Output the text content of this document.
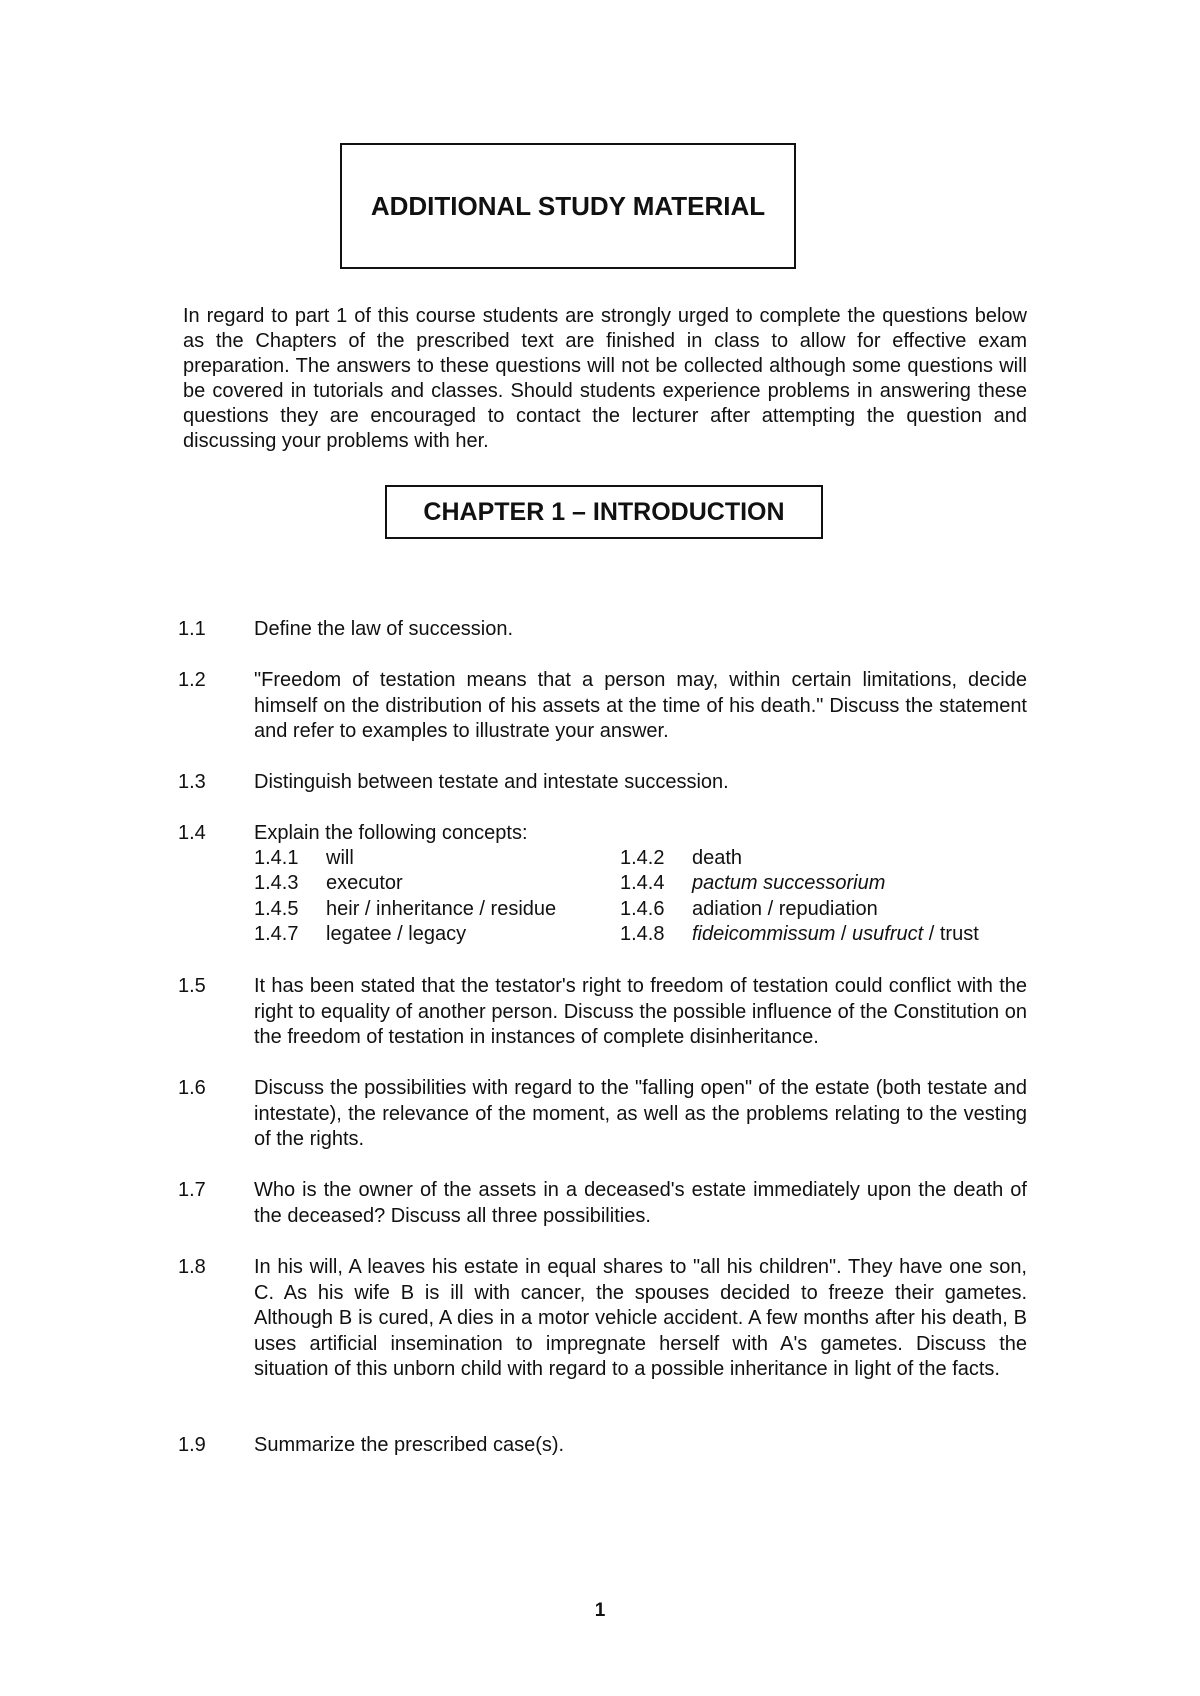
ADDITIONAL STUDY MATERIAL

In regard to part 1 of this course students are strongly urged to complete the questions below as the Chapters of the prescribed text are finished in class to allow for effective exam preparation. The answers to these questions will not be collected although some questions will be covered in tutorials and classes. Should students experience problems in answering these questions they are encouraged to contact the lecturer after attempting the question and discussing your problems with her.

CHAPTER 1 – INTRODUCTION
1.1 Define the law of succession.
1.2 "Freedom of testation means that a person may, within certain limitations, decide himself on the distribution of his assets at the time of his death." Discuss the statement and refer to examples to illustrate your answer.
1.3 Distinguish between testate and intestate succession.
1.4 Explain the following concepts:
1.4.1 will	1.4.2 death
1.4.3 executor	1.4.4 pactum successorium
1.4.5 heir / inheritance / residue	1.4.6 adiation / repudiation
1.4.7 legatee / legacy	1.4.8 fideicommissum / usufruct / trust
1.5 It has been stated that the testator's right to freedom of testation could conflict with the right to equality of another person. Discuss the possible influence of the Constitution on the freedom of testation in instances of complete disinheritance.
1.6 Discuss the possibilities with regard to the "falling open" of the estate (both testate and intestate), the relevance of the moment, as well as the problems relating to the vesting of the rights.
1.7 Who is the owner of the assets in a deceased's estate immediately upon the death of the deceased? Discuss all three possibilities.
1.8 In his will, A leaves his estate in equal shares to "all his children". They have one son, C. As his wife B is ill with cancer, the spouses decided to freeze their gametes. Although B is cured, A dies in a motor vehicle accident. A few months after his death, B uses artificial insemination to impregnate herself with A's gametes. Discuss the situation of this unborn child with regard to a possible inheritance in light of the facts.
1.9 Summarize the prescribed case(s).
1
